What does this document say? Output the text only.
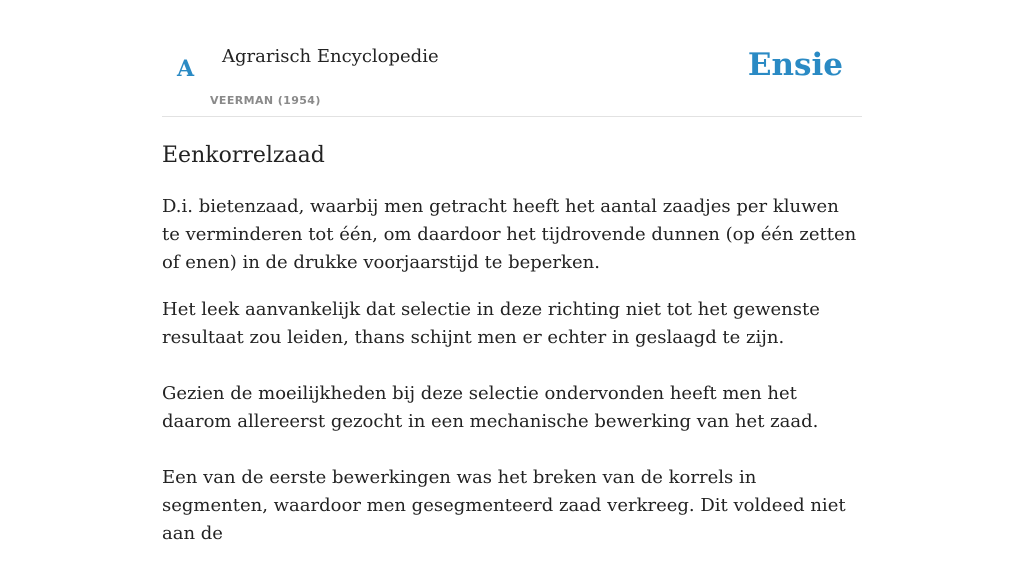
A Agrarisch Encyclopedie
VEERMAN (1954)
Ensie
Eenkorrelzaad

D.i. bietenzaad, waarbij men getracht heeft het aantal zaadjes per kluwen te verminderen tot één, om daardoor het tijdrovende dunnen (op één zetten of enen) in de drukke voorjaarstijd te beperken.

Het leek aanvankelijk dat selectie in deze richting niet tot het gewenste resultaat zou leiden, thans schijnt men er echter in geslaagd te zijn.

Gezien de moeilijkheden bij deze selectie ondervonden heeft men het daarom allereerst gezocht in een mechanische bewerking van het zaad.

Een van de eerste bewerkingen was het breken van de korrels in segmenten, waardoor men gesegmenteerd zaad verkreeg. Dit voldeed niet aan de
